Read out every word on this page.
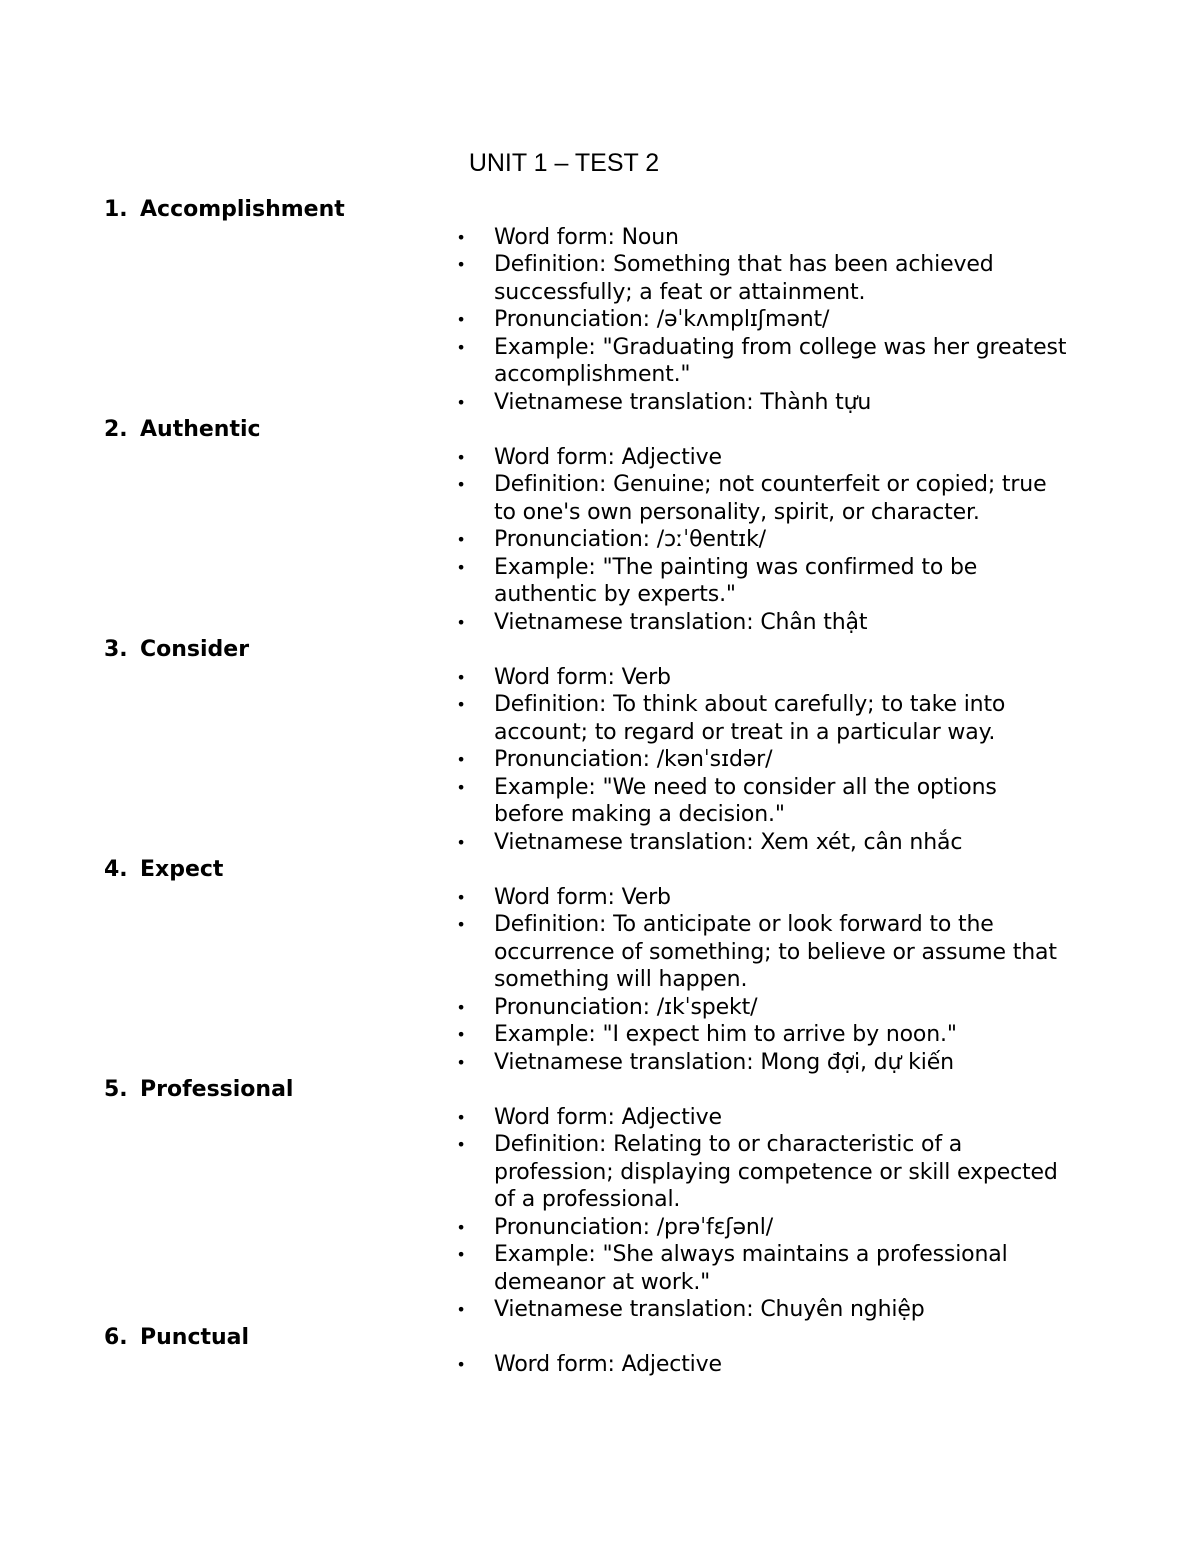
UNIT 1 – TEST 2
1. Accomplishment
• Word form: Noun
• Definition: Something that has been achieved successfully; a feat or attainment.
• Pronunciation: /əˈkʌmplɪʃmənt/
• Example: "Graduating from college was her greatest accomplishment."
• Vietnamese translation: Thành tựu
2. Authentic
• Word form: Adjective
• Definition: Genuine; not counterfeit or copied; true to one's own personality, spirit, or character.
• Pronunciation: /ɔːˈθentɪk/
• Example: "The painting was confirmed to be authentic by experts."
• Vietnamese translation: Chân thật
3. Consider
• Word form: Verb
• Definition: To think about carefully; to take into account; to regard or treat in a particular way.
• Pronunciation: /kənˈsɪdər/
• Example: "We need to consider all the options before making a decision."
• Vietnamese translation: Xem xét, cân nhắc
4. Expect
• Word form: Verb
• Definition: To anticipate or look forward to the occurrence of something; to believe or assume that something will happen.
• Pronunciation: /ɪkˈspekt/
• Example: "I expect him to arrive by noon."
• Vietnamese translation: Mong đợi, dự kiến
5. Professional
• Word form: Adjective
• Definition: Relating to or characteristic of a profession; displaying competence or skill expected of a professional.
• Pronunciation: /prəˈfɛʃənl/
• Example: "She always maintains a professional demeanor at work."
• Vietnamese translation: Chuyên nghiệp
6. Punctual
• Word form: Adjective
